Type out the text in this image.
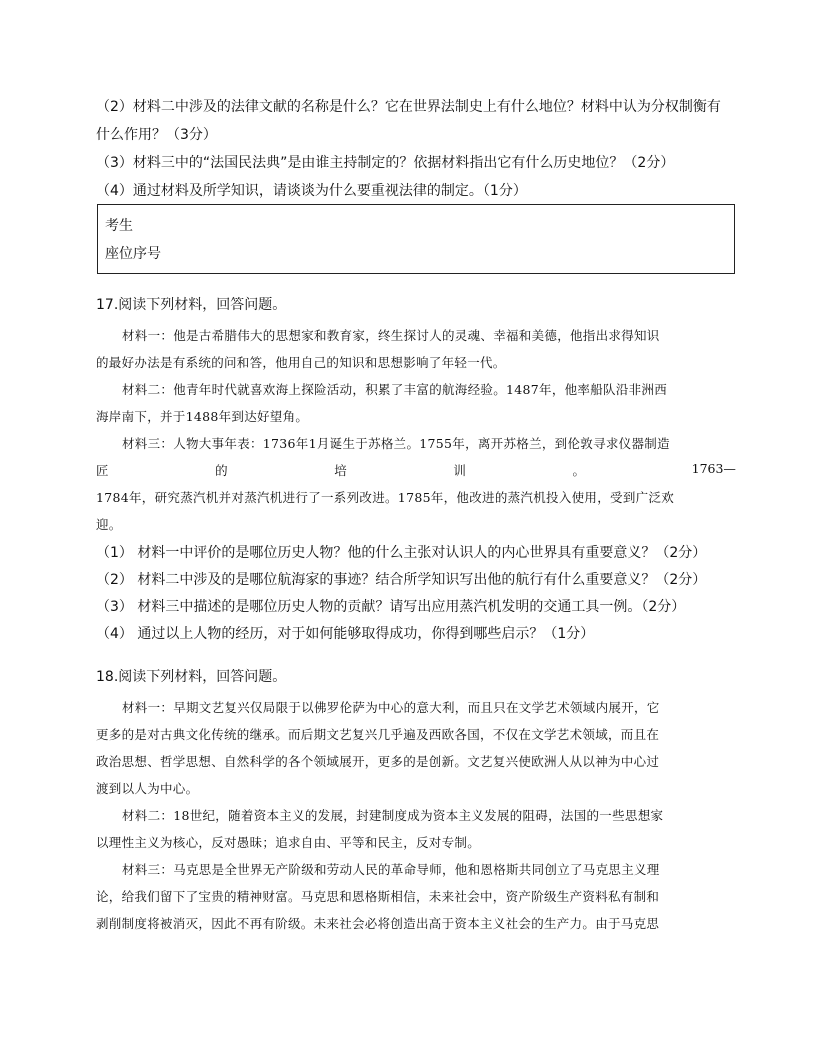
（2）材料二中涉及的法律文献的名称是什么？它在世界法制史上有什么地位？材料中认为分权制衡有
什么作用？（3分）
（3）材料三中的“法国民法典”是由谁主持制定的？依据材料指出它有什么历史地位？（2分）
（4）通过材料及所学知识，请谈谈为什么要重视法律的制定。（1分）
考生
座位序号
17.阅读下列材料，回答问题。
材料一：他是古希腊伟大的思想家和教育家，终生探讨人的灵魂、幸福和美德，他指出求得知识
的最好办法是有系统的问和答，他用自己的知识和思想影响了年轻一代。
材料二：他青年时代就喜欢海上探险活动，积累了丰富的航海经验。1487年，他率船队沿非洲西
海岸南下，并于1488年到达好望角。
材料三：人物大事年表：1736年1月诞生于苏格兰。1755年，离开苏格兰，到伦敦寻求仪器制造
匠	的	培	训	。	1763—
1784年，研究蒸汽机并对蒸汽机进行了一系列改进。1785年，他改进的蒸汽机投入使用，受到广泛欢
迎。
（1） 材料一中评价的是哪位历史人物？他的什么主张对认识人的内心世界具有重要意义？（2分）
（2） 材料二中涉及的是哪位航海家的事迹？结合所学知识写出他的航行有什么重要意义？（2分）
（3） 材料三中描述的是哪位历史人物的贡献？请写出应用蒸汽机发明的交通工具一例。（2分）
（4） 通过以上人物的经历，对于如何能够取得成功，你得到哪些启示？（1分）
18.阅读下列材料，回答问题。
材料一：早期文艺复兴仅局限于以佛罗伦萨为中心的意大利，而且只在文学艺术领域内展开，它
更多的是对古典文化传统的继承。而后期文艺复兴几乎遍及西欧各国，不仅在文学艺术领域，而且在
政治思想、哲学思想、自然科学的各个领域展开，更多的是创新。文艺复兴使欧洲人从以神为中心过
渡到以人为中心。
材料二：18世纪，随着资本主义的发展，封建制度成为资本主义发展的阻碍，法国的一些思想家
以理性主义为核心，反对愚昧；追求自由、平等和民主，反对专制。
材料三：马克思是全世界无产阶级和劳动人民的革命导师，他和恩格斯共同创立了马克思主义理
论，给我们留下了宝贵的精神财富。马克思和恩格斯相信，未来社会中，资产阶级生产资料私有制和
剥削制度将被消灭，因此不再有阶级。未来社会必将创造出高于资本主义社会的生产力。由于马克思
